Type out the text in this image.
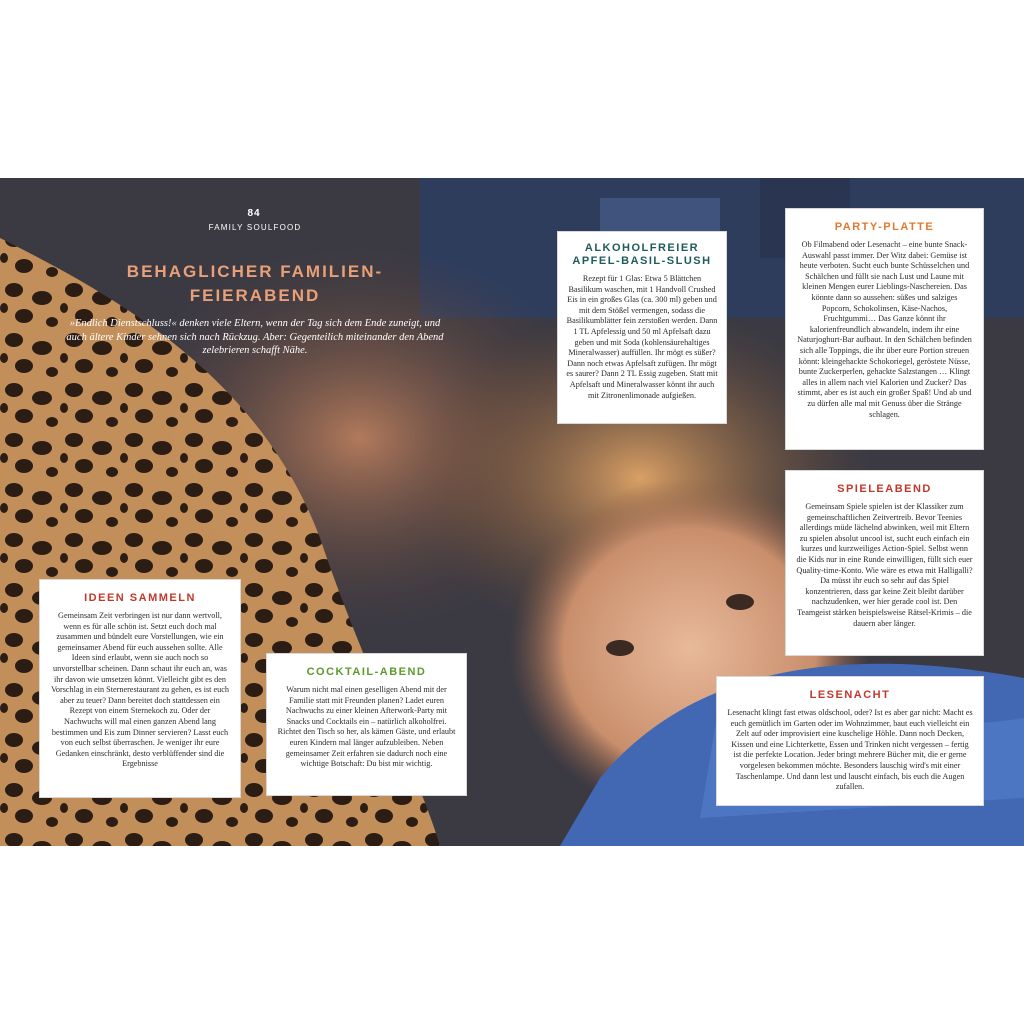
84
FAMILY SOULFOOD
BEHAGLICHER FAMILIEN-
FEIERABEND
»Endlich Dienstschluss!« denken viele Eltern, wenn der Tag sich dem Ende zuneigt, und auch ältere Kinder sehnen sich nach Rückzug. Aber: Gegenteilich miteinander den Abend zelebrieren schafft Nähe.
ALKOHOLFREIER
APFEL-BASIL-SLUSH

Rezept für 1 Glas: Etwa 5 Blättchen Basilikum waschen, mit 1 Handvoll Crushed Eis in ein großes Glas (ca. 300 ml) geben und mit dem Stößel vermengen, sodass die Basilikumblätter fein zerstoßen werden. Dann 1 TL Apfelessig und 50 ml Apfelsaft dazu geben und mit Soda (kohlensäurehaltiges Mineralwasser) auffüllen. Ihr mögt es süßer? Dann noch etwas Apfelsaft zufügen. Ihr mögt es saurer? Dann 2 TL Essig zugeben. Statt mit Apfelsaft und Mineralwasser könnt ihr auch mit Zitronenlimonade aufgießen.

PARTY-PLATTE

Ob Filmabend oder Lesenacht – eine bunte Snack-Auswahl passt immer. Der Witz dabei: Gemüse ist heute verboten. Sucht euch bunte Schüsselchen und Schälchen und füllt sie nach Lust und Laune mit kleinen Mengen eurer Lieblings-Naschereien. Das könnte dann so aussehen: süßes und salziges Popcorn, Schokolinsen, Käse-Nachos, Fruchtgummi… Das Ganze könnt ihr kalorienfreundlich abwandeln, indem ihr eine Naturjoghurt-Bar aufbaut. In den Schälchen befinden sich alle Toppings, die ihr über eure Portion streuen könnt: kleingehackte Schokoriegel, geröstete Nüsse, bunte Zuckerperlen, gehackte Salzstangen … Klingt alles in allem nach viel Kalorien und Zucker? Das stimmt, aber es ist auch ein großer Spaß! Und ab und zu dürfen alle mal mit Genuss über die Stränge schlagen.

IDEEN SAMMELN

Gemeinsam Zeit verbringen ist nur dann wertvoll, wenn es für alle schön ist. Setzt euch doch mal zusammen und bündelt eure Vorstellungen, wie ein gemeinsamer Abend für euch aussehen sollte. Alle Ideen sind erlaubt, wenn sie auch noch so unvorstellbar scheinen. Dann schaut ihr euch an, was ihr davon wie umsetzen könnt. Vielleicht gibt es den Vorschlag in ein Sternerestaurant zu gehen, es ist euch aber zu teuer? Dann bereitet doch stattdessen ein Rezept von einem Sternekoch zu. Oder der Nachwuchs will mal einen ganzen Abend lang bestimmen und Eis zum Dinner servieren? Lasst euch von euch selbst überraschen. Je weniger ihr eure Gedanken einschränkt, desto verblüffender sind die Ergebnisse

COCKTAIL-ABEND

Warum nicht mal einen geselligen Abend mit der Familie statt mit Freunden planen? Ladet euren Nachwuchs zu einer kleinen Afterwork-Party mit Snacks und Cocktails ein – natürlich alkoholfrei. Richtet den Tisch so her, als kämen Gäste, und erlaubt euren Kindern mal länger aufzubleiben. Neben gemeinsamer Zeit erfahren sie dadurch noch eine wichtige Botschaft: Du bist mir wichtig.

SPIELEABEND

Gemeinsam Spiele spielen ist der Klassiker zum gemeinschaftlichen Zeitvertreib. Bevor Teenies allerdings müde lächelnd abwinken, weil mit Eltern zu spielen absolut uncool ist, sucht euch einfach ein kurzes und kurzweiliges Action-Spiel. Selbst wenn die Kids nur in eine Runde einwilligen, füllt sich euer Quality-time-Konto. Wie wäre es etwa mit Halligalli? Da müsst ihr euch so sehr auf das Spiel konzentrieren, dass gar keine Zeit bleibt darüber nachzudenken, wer hier gerade cool ist. Den Teamgeist stärken beispielsweise Rätsel-Krimis – die dauern aber länger.

LESENACHT

Lesenacht klingt fast etwas oldschool, oder? Ist es aber gar nicht: Macht es euch gemütlich im Garten oder im Wohnzimmer, baut euch vielleicht ein Zelt auf oder improvisiert eine kuschelige Höhle. Dann noch Decken, Kissen und eine Lichterkette, Essen und Trinken nicht vergessen – fertig ist die perfekte Location. Jeder bringt mehrere Bücher mit, die er gerne vorgelesen bekommen möchte. Besonders lauschig wird's mit einer Taschenlampe. Und dann lest und lauscht einfach, bis euch die Augen zufallen.
